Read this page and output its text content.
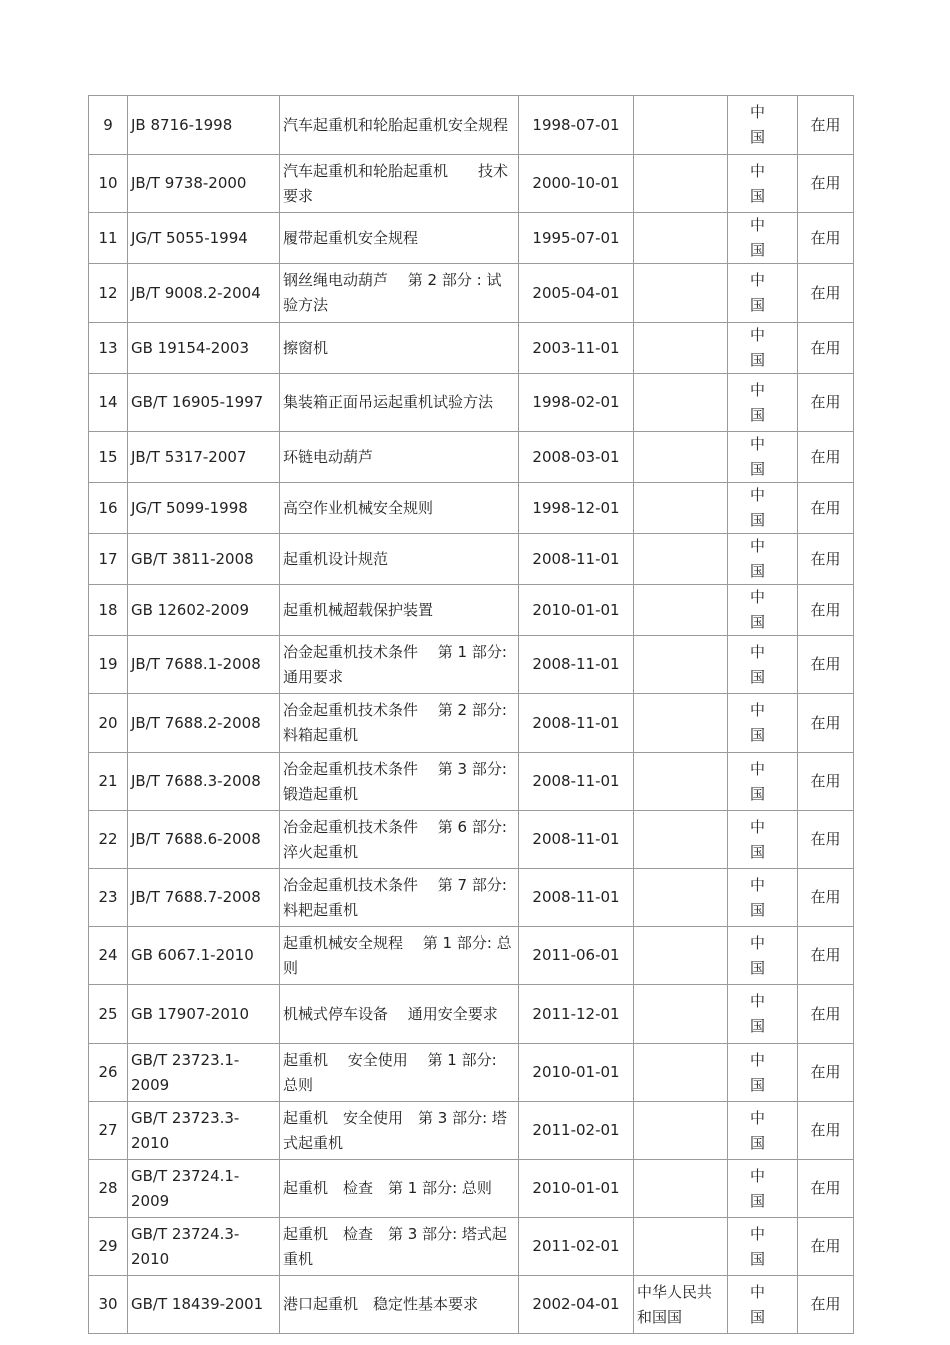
9	JB 8716-1998	汽车起重机和轮胎起重机安全规程	1998-07-01		中 国	在用
10	JB/T 9738-2000	汽车起重机和轮胎起重机　　技术要求	2000-10-01		中 国	在用
11	JG/T 5055-1994	履带起重机安全规程	1995-07-01		中 国	在用
12	JB/T 9008.2-2004	钢丝绳电动葫芦　 第 2 部分 : 试验方法	2005-04-01		中 国	在用
13	GB 19154-2003	擦窗机	2003-11-01		中 国	在用
14	GB/T 16905-1997	集装箱正面吊运起重机试验方法	1998-02-01		中 国	在用
15	JB/T 5317-2007	环链电动葫芦	2008-03-01		中 国	在用
16	JG/T 5099-1998	高空作业机械安全规则	1998-12-01		中 国	在用
17	GB/T 3811-2008	起重机设计规范	2008-11-01		中 国	在用
18	GB 12602-2009	起重机械超载保护装置	2010-01-01		中 国	在用
19	JB/T 7688.1-2008	冶金起重机技术条件　 第 1 部分: 通用要求	2008-11-01		中 国	在用
20	JB/T 7688.2-2008	冶金起重机技术条件　 第 2 部分: 料箱起重机	2008-11-01		中 国	在用
21	JB/T 7688.3-2008	冶金起重机技术条件　 第 3 部分: 锻造起重机	2008-11-01		中 国	在用
22	JB/T 7688.6-2008	冶金起重机技术条件　 第 6 部分: 淬火起重机	2008-11-01		中 国	在用
23	JB/T 7688.7-2008	冶金起重机技术条件　 第 7 部分: 料耙起重机	2008-11-01		中 国	在用
24	GB 6067.1-2010	起重机械安全规程　 第 1 部分: 总则	2011-06-01		中 国	在用
25	GB 17907-2010	机械式停车设备　 通用安全要求	2011-12-01		中 国	在用
26	GB/T 23723.1-2009	起重机　 安全使用　 第 1 部分: 总则	2010-01-01		中 国	在用
27	GB/T 23723.3-2010	起重机　安全使用　第 3 部分: 塔式起重机	2011-02-01		中 国	在用
28	GB/T 23724.1-2009	起重机　检查　第 1 部分: 总则	2010-01-01		中 国	在用
29	GB/T 23724.3-2010	起重机　检查　第 3 部分: 塔式起重机	2011-02-01		中 国	在用
30	GB/T 18439-2001	港口起重机　稳定性基本要求	2002-04-01	中华人民共和国国	中 国	在用
